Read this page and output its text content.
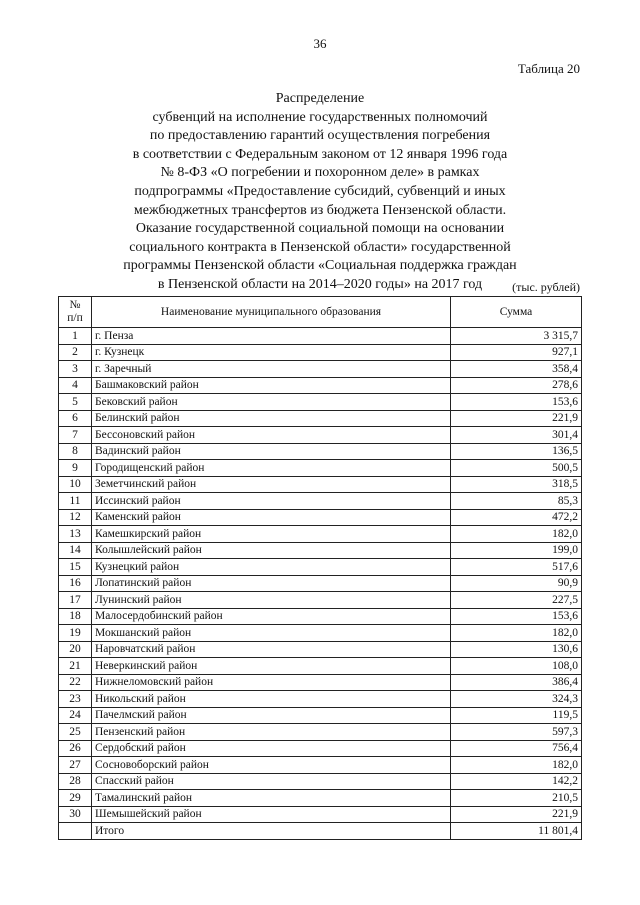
36
Таблица 20
Распределение
субвенций на исполнение государственных полномочий
по предоставлению гарантий осуществления погребения
в соответствии с Федеральным законом от 12 января 1996 года
№ 8-ФЗ «О погребении и похоронном деле» в рамках
подпрограммы «Предоставление субсидий, субвенций и иных
межбюджетных трансфертов из бюджета Пензенской области.
Оказание государственной социальной помощи на основании
социального контракта в Пензенской области» государственной
программы Пензенской области «Социальная поддержка граждан
в Пензенской области на 2014–2020 годы» на 2017 год	(тыс. рублей)
№
п/п	Наименование муниципального образования	Сумма
1	г. Пенза	3 315,7
2	г. Кузнецк	927,1
3	г. Заречный	358,4
4	Башмаковский район	278,6
5	Бековский район	153,6
6	Белинский район	221,9
7	Бессоновский район	301,4
8	Вадинский район	136,5
9	Городищенский район	500,5
10	Земетчинский район	318,5
11	Иссинский район	85,3
12	Каменский район	472,2
13	Камешкирский район	182,0
14	Колышлейский район	199,0
15	Кузнецкий район	517,6
16	Лопатинский район	90,9
17	Лунинский район	227,5
18	Малосердобинский район	153,6
19	Мокшанский район	182,0
20	Наровчатский район	130,6
21	Неверкинский район	108,0
22	Нижнеломовский район	386,4
23	Никольский район	324,3
24	Пачелмский район	119,5
25	Пензенский район	597,3
26	Сердобский район	756,4
27	Сосновоборский район	182,0
28	Спасский район	142,2
29	Тамалинский район	210,5
30	Шемышейский район	221,9
	Итого	11 801,4
